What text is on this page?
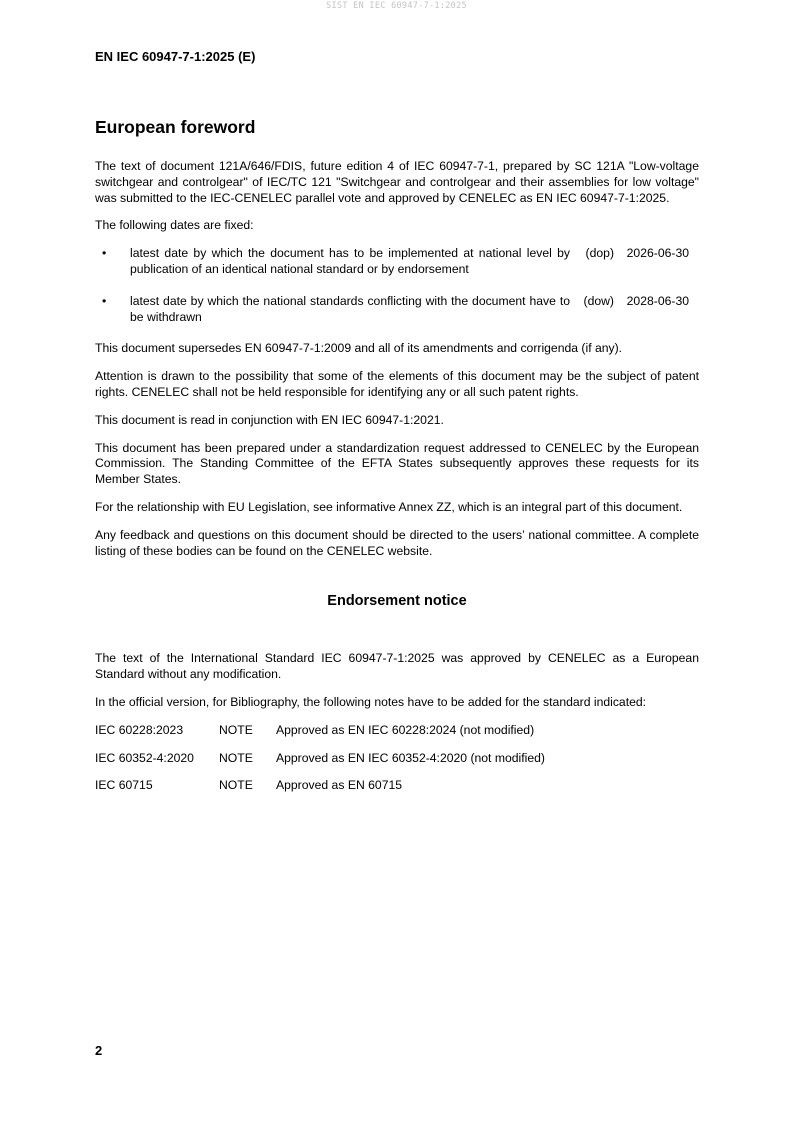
SIST EN IEC 60947-7-1:2025
EN IEC 60947-7-1:2025 (E)
European foreword

The text of document 121A/646/FDIS, future edition 4 of IEC 60947-7-1, prepared by SC 121A "Low-voltage switchgear and controlgear" of IEC/TC 121 "Switchgear and controlgear and their assemblies for low voltage" was submitted to the IEC-CENELEC parallel vote and approved by CENELEC as EN IEC 60947-7-1:2025.

The following dates are fixed:

•	latest date by which the document has to be implemented at national level by publication of an identical national standard or by endorsement
(dop)	2026-06-30
•	latest date by which the national standards conflicting with the document have to be withdrawn
(dow)	2028-06-30

This document supersedes EN 60947-7-1:2009 and all of its amendments and corrigenda (if any).

Attention is drawn to the possibility that some of the elements of this document may be the subject of patent rights. CENELEC shall not be held responsible for identifying any or all such patent rights.

This document is read in conjunction with EN IEC 60947-1:2021.

This document has been prepared under a standardization request addressed to CENELEC by the European Commission. The Standing Committee of the EFTA States subsequently approves these requests for its Member States.

For the relationship with EU Legislation, see informative Annex ZZ, which is an integral part of this document.

Any feedback and questions on this document should be directed to the users’ national committee. A complete listing of these bodies can be found on the CENELEC website.

Endorsement notice

The text of the International Standard IEC 60947-7-1:2025 was approved by CENELEC as a European Standard without any modification.

In the official version, for Bibliography, the following notes have to be added for the standard indicated:

IEC 60228:2023	NOTE	Approved as EN IEC 60228:2024 (not modified)
IEC 60352-4:2020	NOTE	Approved as EN IEC 60352-4:2020 (not modified)
IEC 60715	NOTE	Approved as EN 60715
2
